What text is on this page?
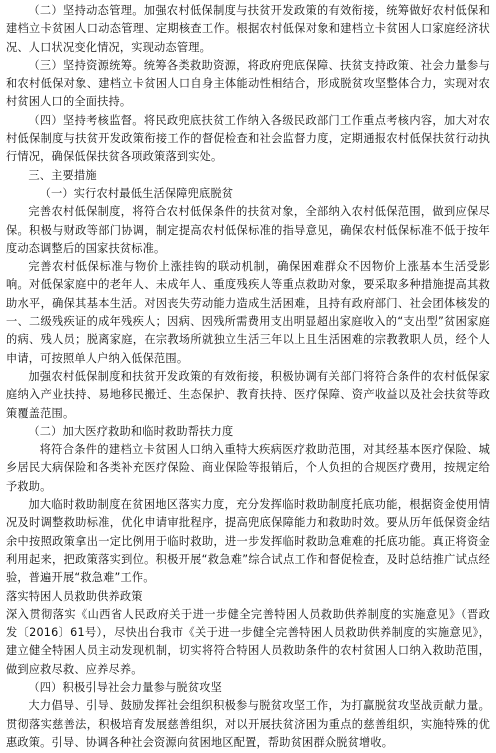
（二）坚持动态管理。加强农村低保制度与扶贫开发政策的有效衔接，统筹做好农村低保和建档立卡贫困人口动态管理、定期核查工作。根据农村低保对象和建档立卡贫困人口家庭经济状况、人口状况变化情况，实现动态管理。

（三）坚持资源统筹。统筹各类救助资源，将政府兜底保障、扶贫支持政策、社会力量参与和农村低保对象、建档立卡贫困人口自身主体能动性相结合，形成脱贫攻坚整体合力，实现对农村贫困人口的全面扶持。

（四）坚持考核监督。将民政兜底扶贫工作纳入各级民政部门工作重点考核内容，加大对农村低保制度与扶贫开发政策衔接工作的督促检查和社会监督力度，定期通报农村低保扶贫行动执行情况，确保低保扶贫各项政策落到实处。

三、主要措施

（一）实行农村最低生活保障兜底脱贫

完善农村低保制度，将符合农村低保条件的扶贫对象，全部纳入农村低保范围，做到应保尽保。积极与财政等部门协调，制定提高农村低保标准的指导意见，确保农村低保标准不低于按年度动态调整后的国家扶贫标准。

完善农村低保标准与物价上涨挂钩的联动机制，确保困难群众不因物价上涨基本生活受影响。对低保家庭中的老年人、未成年人、重度残疾人等重点救助对象，要采取多种措施提高其救助水平，确保其基本生活。对因丧失劳动能力造成生活困难，且持有政府部门、社会团体核发的一、二级残疾证的成年残疾人；因病、因残所需费用支出明显超出家庭收入的“支出型”贫困家庭的病、残人员；脱离家庭，在宗教场所就独立生活三年以上且生活困难的宗教教职人员，经个人申请，可按照单人户纳入低保范围。

加强农村低保制度和扶贫开发政策的有效衔接，积极协调有关部门将符合条件的农村低保家庭纳入产业扶持、易地移民搬迁、生态保护、教育扶持、医疗保障、资产收益以及社会扶贫等政策覆盖范围。

（二）加大医疗救助和临时救助帮扶力度

将符合条件的建档立卡贫困人口纳入重特大疾病医疗救助范围，对其经基本医疗保险、城乡居民大病保险和各类补充医疗保险、商业保险等报销后，个人负担的合规医疗费用，按规定给予救助。

加大临时救助制度在贫困地区落实力度，充分发挥临时救助制度托底功能，根据资金使用情况及时调整救助标准，优化申请审批程序，提高兜底保障能力和救助时效。要从历年低保资金结余中按照政策拿出一定比例用于临时救助，进一步发挥临时救助急难难的托底功能。真正将资金利用起来，把政策落实到位。积极开展“救急难”综合试点工作和督促检查，及时总结推广试点经验，普遍开展“救急难”工作。

落实特困人员救助供养政策

深入贯彻落实《山西省人民政府关于进一步健全完善特困人员救助供养制度的实施意见》（晋政发〔2016〕61号），尽快出台我市《关于进一步健全完善特困人员救助供养制度的实施意见》，建立健全特困人员主动发现机制，切实将符合特困人员救助条件的农村贫困人口纳入救助范围，做到应救尽救、应养尽养。

（四）积极引导社会力量参与脱贫攻坚

大力倡导、引导、鼓励发挥社会组织积极参与脱贫攻坚工作，为打赢脱贫攻坚战贡献力量。贯彻落实慈善法，积极培育发展慈善组织，对以开展扶贫济困为重点的慈善组织，实施特殊的优惠政策。引导、协调各种社会资源向贫困地区配置，帮助贫困群众脱贫增收。
